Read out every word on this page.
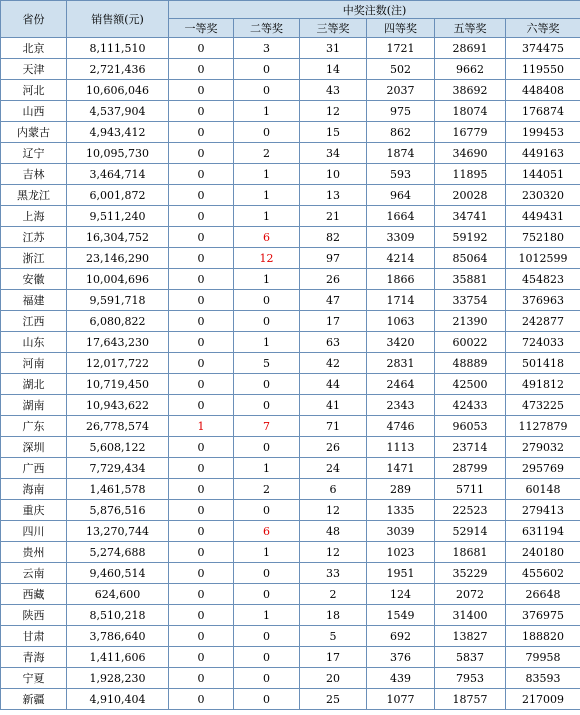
省份	销售额(元)	中奖注数(注)					
		一等奖	二等奖	三等奖	四等奖	五等奖	六等奖
北京	8,111,510	0	3	31	1721	28691	374475
天津	2,721,436	0	0	14	502	9662	119550
河北	10,606,046	0	0	43	2037	38692	448408
山西	4,537,904	0	1	12	975	18074	176874
内蒙古	4,943,412	0	0	15	862	16779	199453
辽宁	10,095,730	0	2	34	1874	34690	449163
吉林	3,464,714	0	1	10	593	11895	144051
黑龙江	6,001,872	0	1	13	964	20028	230320
上海	9,511,240	0	1	21	1664	34741	449431
江苏	16,304,752	0	6	82	3309	59192	752180
浙江	23,146,290	0	12	97	4214	85064	1012599
安徽	10,004,696	0	1	26	1866	35881	454823
福建	9,591,718	0	0	47	1714	33754	376963
江西	6,080,822	0	0	17	1063	21390	242877
山东	17,643,230	0	1	63	3420	60022	724033
河南	12,017,722	0	5	42	2831	48889	501418
湖北	10,719,450	0	0	44	2464	42500	491812
湖南	10,943,622	0	0	41	2343	42433	473225
广东	26,778,574	1	7	71	4746	96053	1127879
深圳	5,608,122	0	0	26	1113	23714	279032
广西	7,729,434	0	1	24	1471	28799	295769
海南	1,461,578	0	2	6	289	5711	60148
重庆	5,876,516	0	0	12	1335	22523	279413
四川	13,270,744	0	6	48	3039	52914	631194
贵州	5,274,688	0	1	12	1023	18681	240180
云南	9,460,514	0	0	33	1951	35229	455602
西藏	624,600	0	0	2	124	2072	26648
陕西	8,510,218	0	1	18	1549	31400	376975
甘肃	3,786,640	0	0	5	692	13827	188820
青海	1,411,606	0	0	17	376	5837	79958
宁夏	1,928,230	0	0	20	439	7953	83593
新疆	4,910,404	0	0	25	1077	18757	217009
